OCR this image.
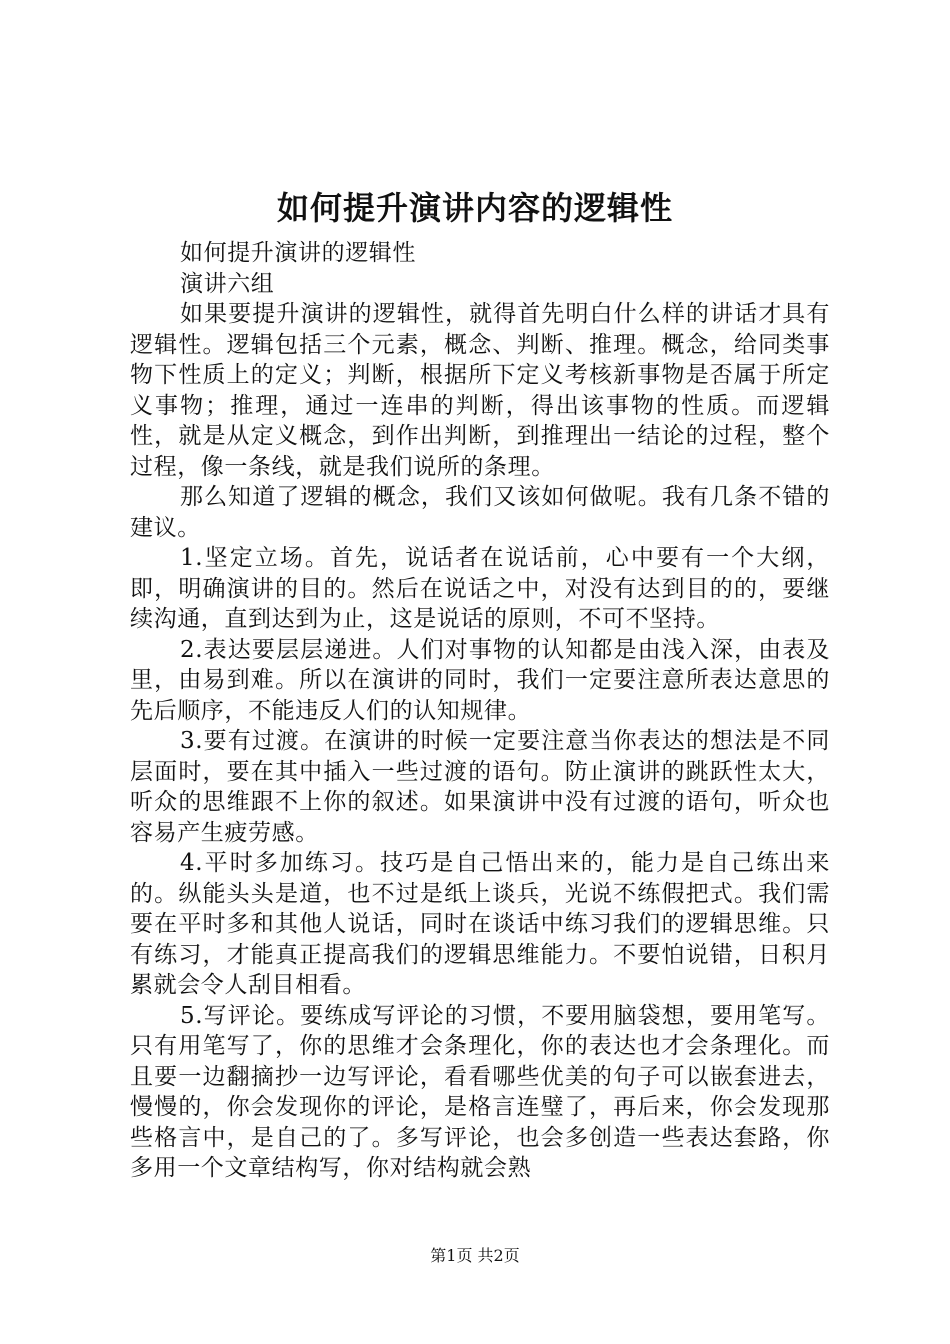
如何提升演讲内容的逻辑性

如何提升演讲的逻辑性

演讲六组

如果要提升演讲的逻辑性，就得首先明白什么样的讲话才具有逻辑性。逻辑包括三个元素，概念、判断、推理。概念，给同类事物下性质上的定义；判断，根据所下定义考核新事物是否属于所定义事物；推理，通过一连串的判断，得出该事物的性质。而逻辑性，就是从定义概念，到作出判断，到推理出一结论的过程，整个过程，像一条线，就是我们说所的条理。

那么知道了逻辑的概念，我们又该如何做呢。我有几条不错的建议。

1.坚定立场。首先，说话者在说话前，心中要有一个大纲，即，明确演讲的目的。然后在说话之中，对没有达到目的的，要继续沟通，直到达到为止，这是说话的原则，不可不坚持。

2.表达要层层递进。人们对事物的认知都是由浅入深，由表及里，由易到难。所以在演讲的同时，我们一定要注意所表达意思的先后顺序，不能违反人们的认知规律。

3.要有过渡。在演讲的时候一定要注意当你表达的想法是不同层面时，要在其中插入一些过渡的语句。防止演讲的跳跃性太大，听众的思维跟不上你的叙述。如果演讲中没有过渡的语句，听众也容易产生疲劳感。

4.平时多加练习。技巧是自己悟出来的，能力是自己练出来的。纵能头头是道，也不过是纸上谈兵，光说不练假把式。我们需要在平时多和其他人说话，同时在谈话中练习我们的逻辑思维。只有练习，才能真正提高我们的逻辑思维能力。不要怕说错，日积月累就会令人刮目相看。

5.写评论。要练成写评论的习惯，不要用脑袋想，要用笔写。只有用笔写了，你的思维才会条理化，你的表达也才会条理化。而且要一边翻摘抄一边写评论，看看哪些优美的句子可以嵌套进去，慢慢的，你会发现你的评论，是格言连璧了，再后来，你会发现那些格言中，是自己的了。多写评论，也会多创造一些表达套路，你多用一个文章结构写，你对结构就会熟

第1页 共2页
